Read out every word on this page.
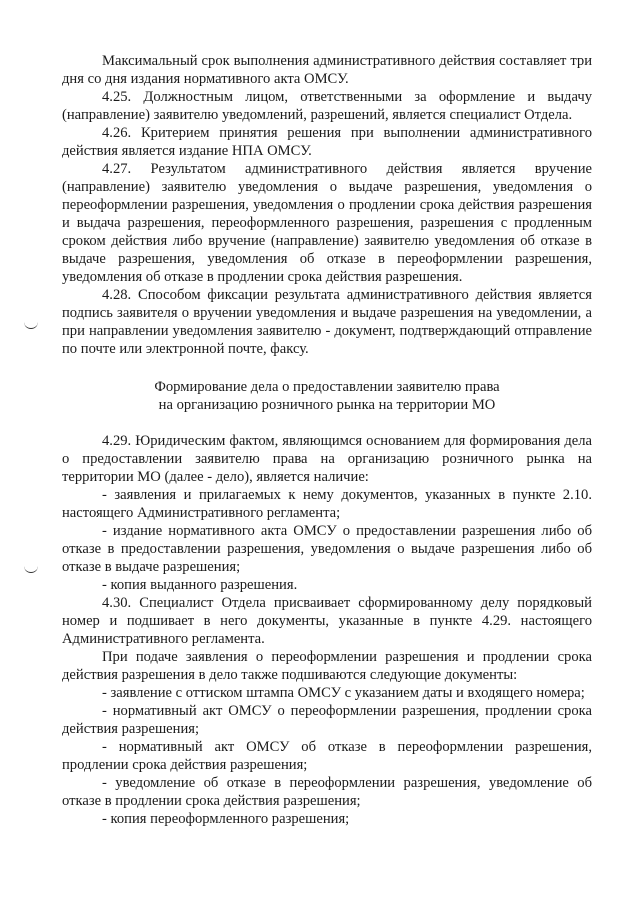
Максимальный срок выполнения административного действия составляет три дня со дня издания нормативного акта ОМСУ.

4.25. Должностным лицом, ответственными за оформление и выдачу (направление) заявителю уведомлений, разрешений, является специалист Отдела.

4.26. Критерием принятия решения при выполнении административного действия является издание НПА ОМСУ.

4.27. Результатом административного действия является вручение (направление) заявителю уведомления о выдаче разрешения, уведомления о переоформлении разрешения, уведомления о продлении срока действия разрешения и выдача разрешения, переоформленного разрешения, разрешения с продленным сроком действия либо вручение (направление) заявителю уведомления об отказе в выдаче разрешения, уведомления об отказе в переоформлении разрешения, уведомления об отказе в продлении срока действия разрешения.

4.28. Способом фиксации результата административного действия является подпись заявителя о вручении уведомления и выдаче разрешения на уведомлении, а при направлении уведомления заявителю - документ, подтверждающий отправление по почте или электронной почте, факсу.

Формирование дела о предоставлении заявителю права
на организацию розничного рынка на территории МО

4.29. Юридическим фактом, являющимся основанием для формирования дела о предоставлении заявителю права на организацию розничного рынка на территории МО (далее - дело), является наличие:

- заявления и прилагаемых к нему документов, указанных в пункте 2.10. настоящего Административного регламента;

- издание нормативного акта ОМСУ о предоставлении разрешения либо об отказе в предоставлении разрешения, уведомления о выдаче разрешения либо об отказе в выдаче разрешения;

- копия выданного разрешения.

4.30. Специалист Отдела присваивает сформированному делу порядковый номер и подшивает в него документы, указанные в пункте 4.29. настоящего Административного регламента.

При подаче заявления о переоформлении разрешения и продлении срока действия разрешения в дело также подшиваются следующие документы:

- заявление с оттиском штампа ОМСУ с указанием даты и входящего номера;

- нормативный акт ОМСУ о переоформлении разрешения, продлении срока действия разрешения;

- нормативный акт ОМСУ об отказе в переоформлении разрешения, продлении срока действия разрешения;

- уведомление об отказе в переоформлении разрешения, уведомление об отказе в продлении срока действия разрешения;

- копия переоформленного разрешения;
